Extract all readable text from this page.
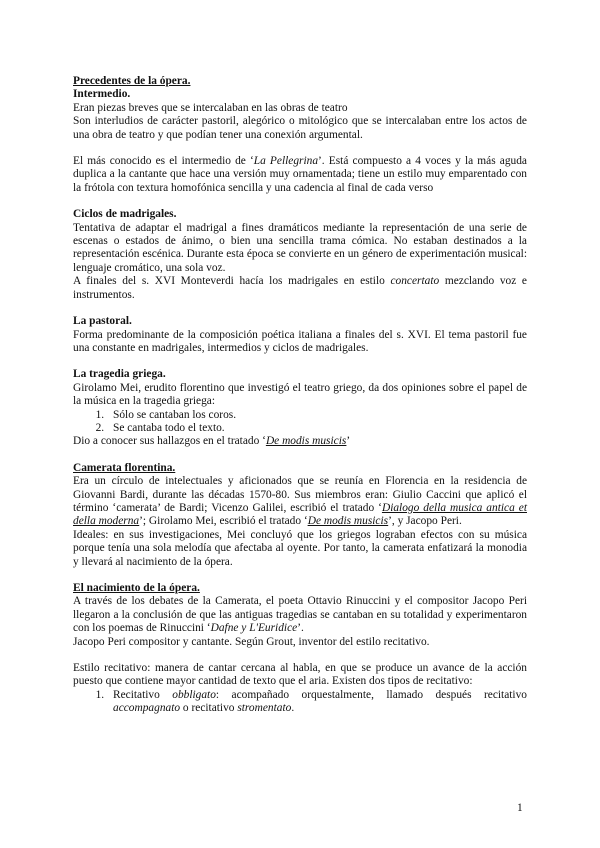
Precedentes de la ópera.

Intermedio.

Eran piezas breves que se intercalaban en las obras de teatro

Son interludios de carácter pastoril, alegórico o mitológico que se intercalaban entre los actos de una obra de teatro y que podían tener una conexión argumental.

El más conocido es el intermedio de ‘La Pellegrina’. Está compuesto a 4 voces y la más aguda duplica a la cantante que hace una versión muy ornamentada; tiene un estilo muy emparentado con la frótola con textura homofónica sencilla y una cadencia al final de cada verso

Ciclos de madrigales.

Tentativa de adaptar el madrigal a fines dramáticos mediante la representación de una serie de escenas o estados de ánimo, o bien una sencilla trama cómica. No estaban destinados a la representación escénica. Durante esta época se convierte en un género de experimentación musical: lenguaje cromático, una sola voz.

A finales del s. XVI Monteverdi hacía los madrigales en estilo concertato mezclando voz e instrumentos.

La pastoral.

Forma predominante de la composición poética italiana a finales del s. XVI. El tema pastoril fue una constante en madrigales, intermedios y ciclos de madrigales.

La tragedia griega.

Girolamo Mei, erudito florentino que investigó el teatro griego, da dos opiniones sobre el papel de la música en la tragedia griega:

1. Sólo se cantaban los coros.
2. Se cantaba todo el texto.

Dio a conocer sus hallazgos en el tratado ‘De modis musicis’

Camerata florentina.

Era un círculo de intelectuales y aficionados que se reunía en Florencia en la residencia de Giovanni Bardi, durante las décadas 1570-80. Sus miembros eran: Giulio Caccini que aplicó el término ‘camerata’ de Bardi; Vicenzo Galilei, escribió el tratado ‘Dialogo della musica antica et della moderna’; Girolamo Mei, escribió el tratado ‘De modis musicis’, y Jacopo Peri.

Ideales: en sus investigaciones, Mei concluyó que los griegos lograban efectos con su música porque tenía una sola melodía que afectaba al oyente. Por tanto, la camerata enfatizará la monodia y llevará al nacimiento de la ópera.

El nacimiento de la ópera.

A través de los debates de la Camerata, el poeta Ottavio Rinuccini y el compositor Jacopo Peri llegaron a la conclusión de que las antiguas tragedias se cantaban en su totalidad y experimentaron con los poemas de Rinuccini ‘Dafne y L'Euridice’.

Jacopo Peri compositor y cantante. Según Grout, inventor del estilo recitativo.

Estilo recitativo: manera de cantar cercana al habla, en que se produce un avance de la acción puesto que contiene mayor cantidad de texto que el aria. Existen dos tipos de recitativo:

1. Recitativo obbligato: acompañado orquestalmente, llamado después recitativo accompagnato o recitativo stromentato.
1
